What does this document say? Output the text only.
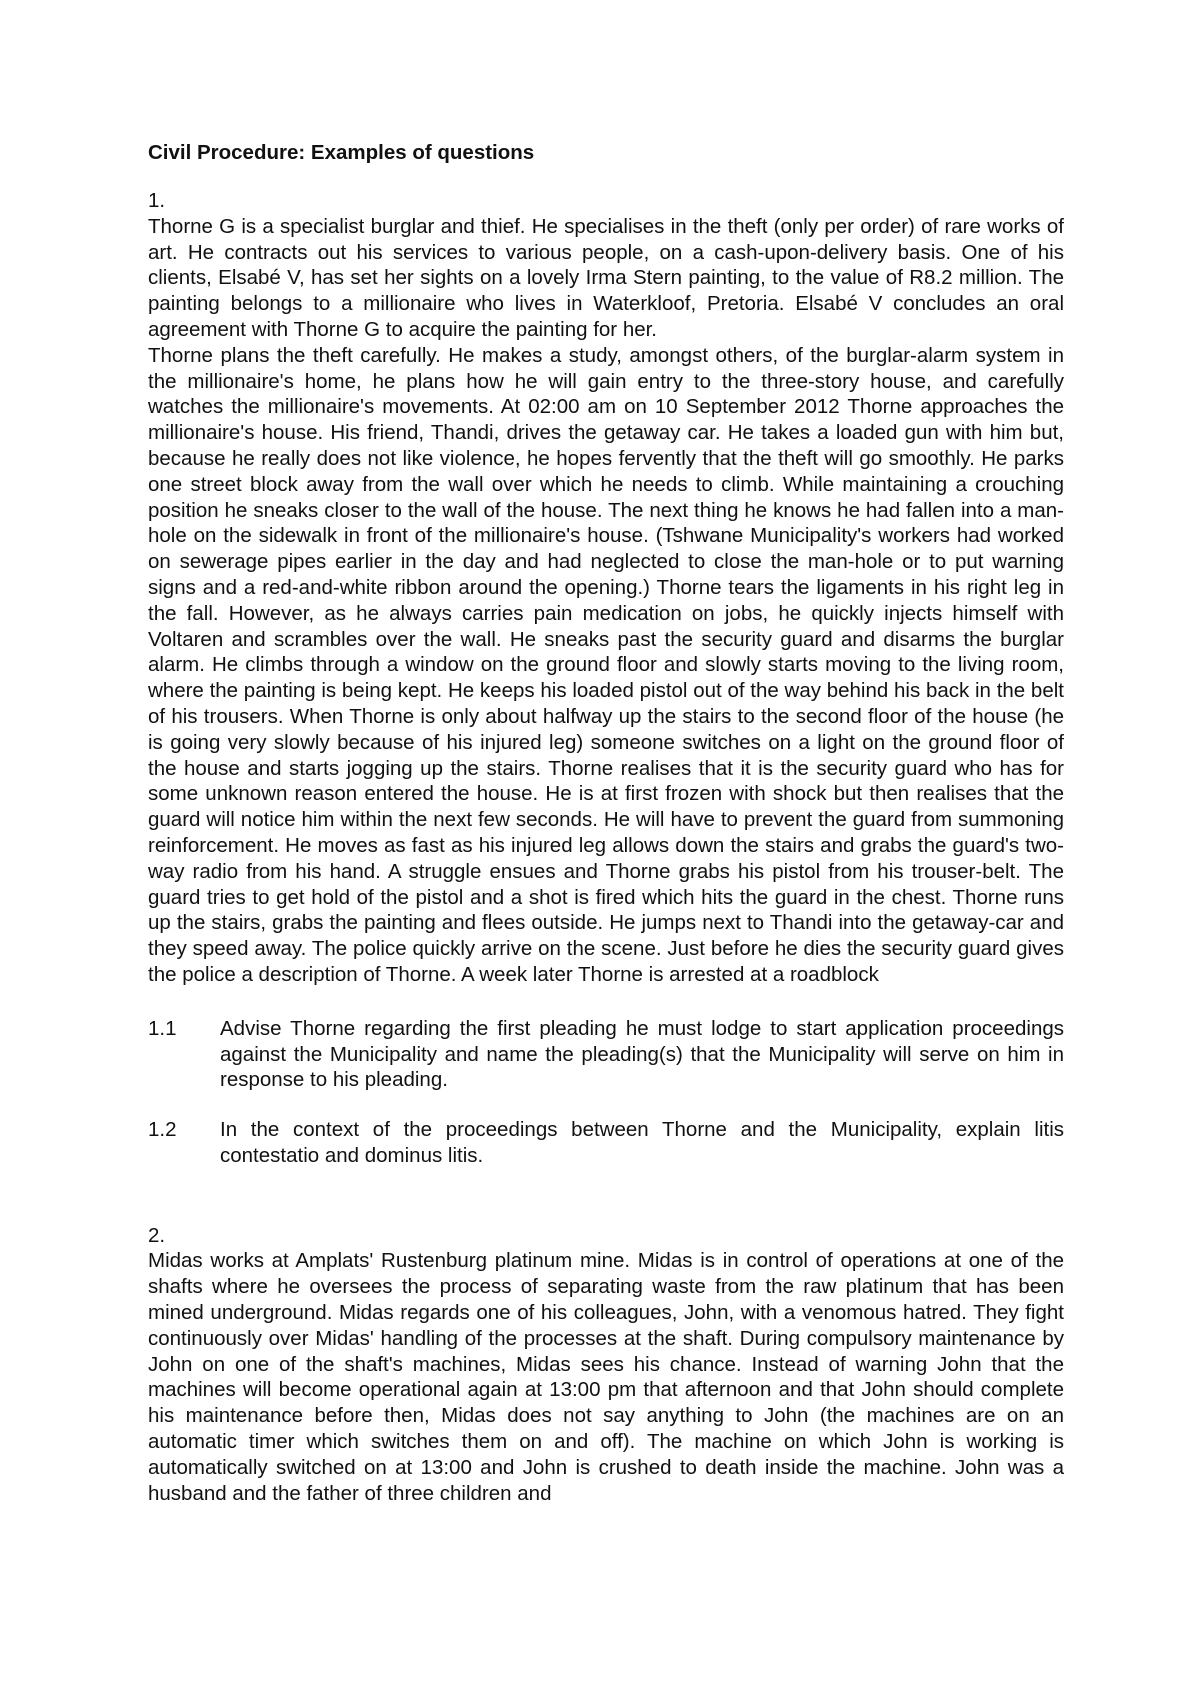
Civil Procedure: Examples of questions

1.

Thorne G is a specialist burglar and thief. He specialises in the theft (only per order) of rare works of art. He contracts out his services to various people, on a cash-upon-delivery basis. One of his clients, Elsabé V, has set her sights on a lovely Irma Stern painting, to the value of R8.2 million. The painting belongs to a millionaire who lives in Waterkloof, Pretoria. Elsabé V concludes an oral agreement with Thorne G to acquire the painting for her.

Thorne plans the theft carefully. He makes a study, amongst others, of the burglar-alarm system in the millionaire's home, he plans how he will gain entry to the three-story house, and carefully watches the millionaire's movements. At 02:00 am on 10 September 2012 Thorne approaches the millionaire's house. His friend, Thandi, drives the getaway car. He takes a loaded gun with him but, because he really does not like violence, he hopes fervently that the theft will go smoothly. He parks one street block away from the wall over which he needs to climb. While maintaining a crouching position he sneaks closer to the wall of the house. The next thing he knows he had fallen into a man-hole on the sidewalk in front of the millionaire's house. (Tshwane Municipality's workers had worked on sewerage pipes earlier in the day and had neglected to close the man-hole or to put warning signs and a red-and-white ribbon around the opening.) Thorne tears the ligaments in his right leg in the fall. However, as he always carries pain medication on jobs, he quickly injects himself with Voltaren and scrambles over the wall. He sneaks past the security guard and disarms the burglar alarm. He climbs through a window on the ground floor and slowly starts moving to the living room, where the painting is being kept. He keeps his loaded pistol out of the way behind his back in the belt of his trousers. When Thorne is only about halfway up the stairs to the second floor of the house (he is going very slowly because of his injured leg) someone switches on a light on the ground floor of the house and starts jogging up the stairs. Thorne realises that it is the security guard who has for some unknown reason entered the house. He is at first frozen with shock but then realises that the guard will notice him within the next few seconds. He will have to prevent the guard from summoning reinforcement. He moves as fast as his injured leg allows down the stairs and grabs the guard's two-way radio from his hand. A struggle ensues and Thorne grabs his pistol from his trouser-belt. The guard tries to get hold of the pistol and a shot is fired which hits the guard in the chest. Thorne runs up the stairs, grabs the painting and flees outside. He jumps next to Thandi into the getaway-car and they speed away. The police quickly arrive on the scene. Just before he dies the security guard gives the police a description of Thorne. A week later Thorne is arrested at a roadblock

1.1	Advise Thorne regarding the first pleading he must lodge to start application proceedings against the Municipality and name the pleading(s) that the Municipality will serve on him in response to his pleading.
1.2	In the context of the proceedings between Thorne and the Municipality, explain litis contestatio and dominus litis.

2.

Midas works at Amplats' Rustenburg platinum mine. Midas is in control of operations at one of the shafts where he oversees the process of separating waste from the raw platinum that has been mined underground. Midas regards one of his colleagues, John, with a venomous hatred. They fight continuously over Midas' handling of the processes at the shaft. During compulsory maintenance by John on one of the shaft's machines, Midas sees his chance. Instead of warning John that the machines will become operational again at 13:00 pm that afternoon and that John should complete his maintenance before then, Midas does not say anything to John (the machines are on an automatic timer which switches them on and off). The machine on which John is working is automatically switched on at 13:00 and John is crushed to death inside the machine. John was a husband and the father of three children and
